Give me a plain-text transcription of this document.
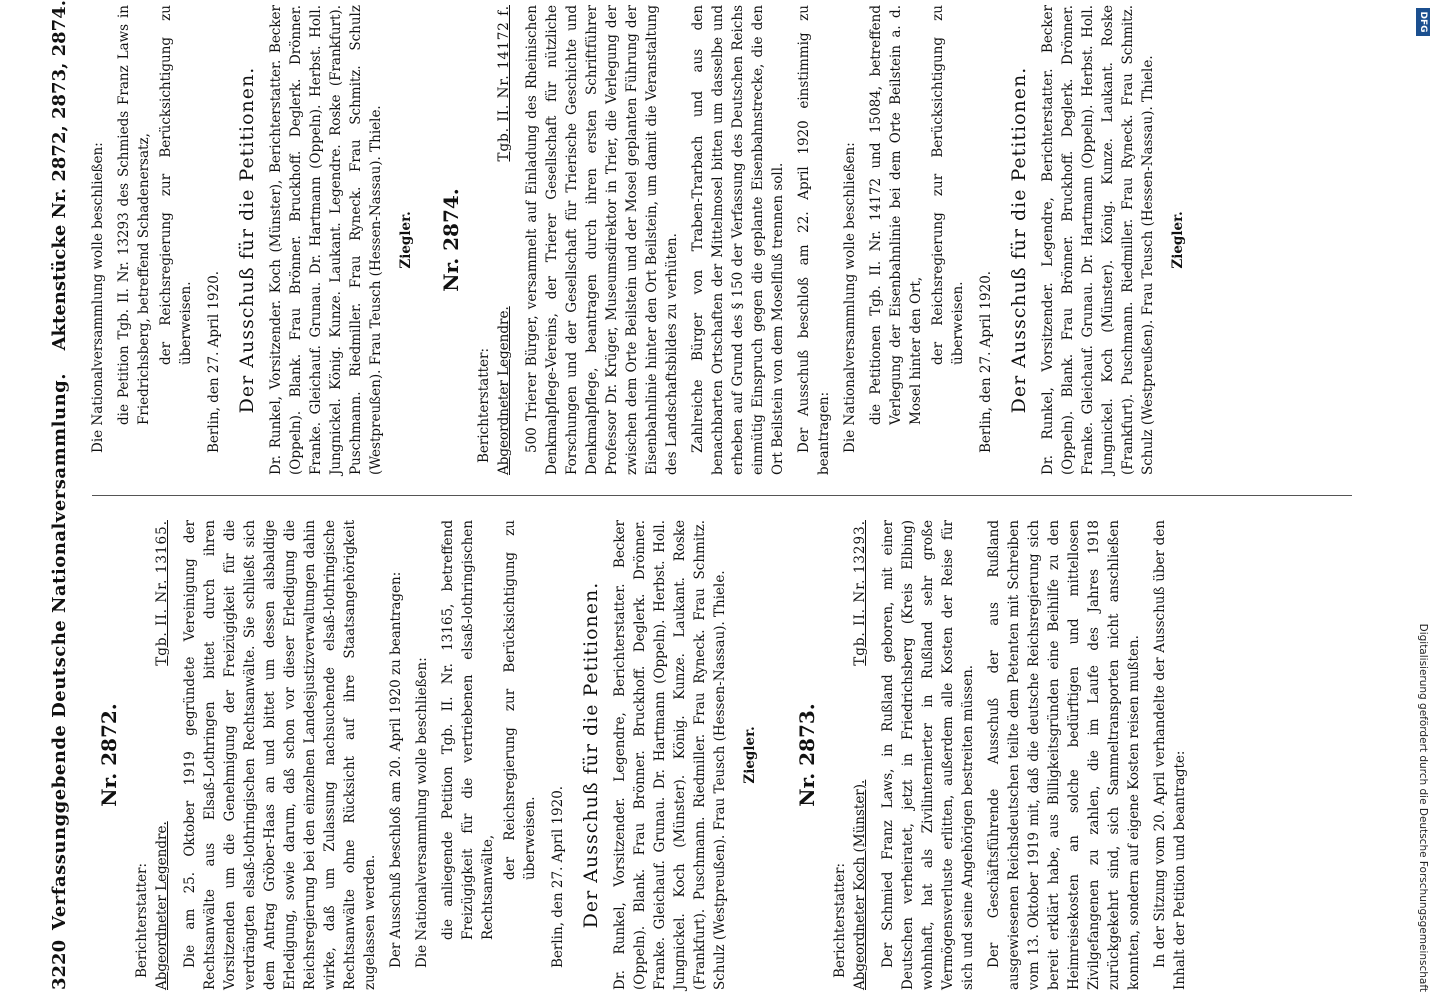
DFG
Digitalisierung gefördert durch die Deutsche Forschungsgemeinschaft
3220
Verfassunggebende Deutsche Nationalversammlung.
Aktenstücke Nr. 2872, 2873, 2874.
Nr. 2872.
Berichterstatter: Abgeordneter Legendre.
Tgb. II. Nr. 13165. Die am 25. Oktober 1919 gegründete Vereinigung der Rechtsanwälte aus Elsaß-Lothringen bittet durch ihren Vorsitzenden um die Genehmigung der Freizügigkeit für die verdrängten elsaß-lothringischen Rechtsanwälte. Sie schließt sich dem Antrag Gröber-Haas an und bittet um dessen alsbaldige Erledigung, sowie darum, daß schon vor dieser Erledigung die Reichsregierung bei den einzelnen Landesjustizverwaltungen dahin wirke, daß um Zulassung nachsuchende elsaß-lothringische Rechtsanwälte ohne Rücksicht auf ihre Staatsangehörigkeit zugelassen werden. Der Ausschuß beschloß am 20. April 1920 zu beantragen: Die Nationalversammlung wolle beschließen: die anliegende Petition Tgb. II. Nr. 13165, betreffend Freizügigkeit für die vertriebenen elsaß-lothringischen Rechtsanwälte,

der Reichsregierung zur Berücksichtigung zu überweisen. Berlin, den 27. April 1920. Der Ausschuß für die Petitionen. Dr. Runkel, Vorsitzender. Legendre, Berichterstatter. Becker (Oppeln). Blank. Frau Brönner. Bruckhoff. Deglerk. Drönner. Franke. Gleichauf. Grunau. Dr. Hartmann (Oppeln). Herbst. Holl. Jungnickel. Koch (Münster). König. Kunze. Laukant. Roske (Frankfurt). Puschmann. Riedmiller. Frau Ryneck. Frau Schmitz. Schulz (Westpreußen). Frau Teusch (Hessen-Nassau). Thiele. Ziegler. Nr. 2873.
Berichterstatter: Abgeordneter Koch (Münster).
Tgb. II. Nr. 13293. Der Schmied Franz Laws, in Rußland geboren, mit einer Deutschen verheiratet, jetzt in Friedrichsberg (Kreis Elbing) wohnhaft, hat als Zivilinternierter in Rußland sehr große Vermögensverluste erlitten, außerdem alle Kosten der Reise für sich und seine Angehörigen bestreiten müssen. Der Geschäftsführende Ausschuß der aus Rußland ausgewiesenen Reichsdeutschen teilte dem Petenten mit Schreiben vom 13. Oktober 1919 mit, daß die deutsche Reichsregierung sich bereit erklärt habe, aus Billigkeitsgründen eine Beihilfe zu den Heimreisekosten an solche bedürftigen und mittellosen Zivilgefangenen zu zahlen, die im Laufe des Jahres 1918 zurückgekehrt sind, sich Sammeltransporten nicht anschließen konnten, sondern auf eigene Kosten reisen mußten. In der Sitzung vom 20. April verhandelte der Ausschuß über den Inhalt der Petition und beantragte:

Die Nationalversammlung wolle beschließen: die Petition Tgb. II. Nr. 13293 des Schmieds Franz Laws in Friedrichsberg, betreffend Schadenersatz, der Reichsregierung zur Berücksichtigung zu überweisen. Berlin, den 27. April 1920. Der Ausschuß für die Petitionen. Dr. Runkel, Vorsitzender. Koch (Münster), Berichterstatter. Becker (Oppeln). Blank. Frau Brönner. Bruckhoff. Deglerk. Drönner. Franke. Gleichauf. Grunau. Dr. Hartmann (Oppeln). Herbst. Holl. Jungnickel. König. Kunze. Laukant. Legendre. Roske (Frankfurt). Puschmann. Riedmiller. Frau Ryneck. Frau Schmitz. Schulz (Westpreußen). Frau Teusch (Hessen-Nassau). Thiele. Ziegler. Nr. 2874.
Berichterstatter: Abgeordneter Legendre.
Tgb. II. Nr. 14172 f. 500 Trierer Bürger, versammelt auf Einladung des Rheinischen Denkmalpflege-Vereins, der Trierer Gesellschaft für nützliche Forschungen und der Gesellschaft für Trierische Geschichte und Denkmalpflege, beantragen durch ihren ersten Schriftführer Professor Dr. Krüger, Museumsdirektor in Trier, die Verlegung der zwischen dem Orte Beilstein und der Mosel geplanten Führung der Eisenbahnlinie hinter den Ort Beilstein, um damit die Veranstaltung des Landschaftsbildes zu verhüten. Zahlreiche Bürger von Traben-Trarbach und aus den benachbarten Ortschaften der Mittelmosel bitten um dasselbe und erheben auf Grund des § 150 der Verfassung des Deutschen Reichs einmütig Einspruch gegen die geplante Eisenbahnstrecke, die den Ort Beilstein von dem Moselfluß trennen soll. Der Ausschuß beschloß am 22. April 1920 einstimmig zu beantragen: Die Nationalversammlung wolle beschließen: die Petitionen Tgb. II. Nr. 14172 und 15084, betreffend Verlegung der Eisenbahnlinie bei dem Orte Beilstein a. d. Mosel hinter den Ort, der Reichsregierung zur Berücksichtigung zu überweisen. Berlin, den 27. April 1920. Der Ausschuß für die Petitionen. Dr. Runkel, Vorsitzender. Legendre, Berichterstatter. Becker (Oppeln). Blank. Frau Brönner. Bruckhoff. Deglerk. Drönner. Franke. Gleichauf. Grunau. Dr. Hartmann (Oppeln). Herbst. Holl. Jungnickel. Koch (Münster). König. Kunze. Laukant. Roske (Frankfurt). Puschmann. Riedmiller. Frau Ryneck. Frau Schmitz. Schulz (Westpreußen). Frau Teusch (Hessen-Nassau). Thiele. Ziegler.
